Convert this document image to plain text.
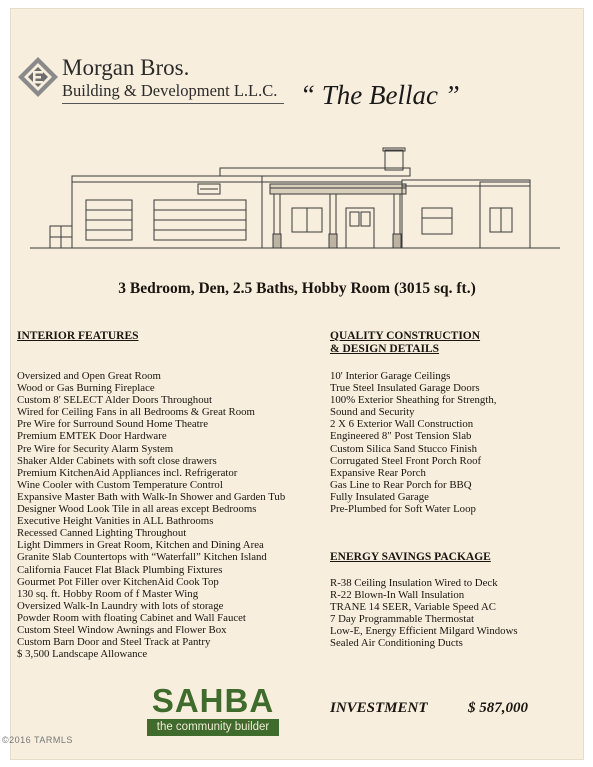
Morgan Bros.
Building & Development L.L.C. “ The Bellac ”
3 Bedroom, Den, 2.5 Baths, Hobby Room (3015 sq. ft.)
INTERIOR FEATURES
Oversized and Open Great Room
Wood or Gas Burning Fireplace
Custom 8' SELECT Alder Doors Throughout
Wired for Ceiling Fans in all Bedrooms & Great Room
Pre Wire for Surround Sound Home Theatre
Premium EMTEK Door Hardware
Pre Wire for Security Alarm System
Shaker Alder Cabinets with soft close drawers
Premium KitchenAid Appliances incl. Refrigerator
Wine Cooler with Custom Temperature Control
Expansive Master Bath with Walk-In Shower and Garden Tub
Designer Wood Look Tile in all areas except Bedrooms
Executive Height Vanities in ALL Bathrooms
Recessed Canned Lighting Throughout
Light Dimmers in Great Room, Kitchen and Dining Area
Granite Slab Countertops with “Waterfall” Kitchen Island
California Faucet Flat Black Plumbing Fixtures
Gourmet Pot Filler over KitchenAid Cook Top
130 sq. ft. Hobby Room of f Master Wing
Oversized Walk-In Laundry with lots of storage
Powder Room with floating Cabinet and Wall Faucet
Custom Steel Window Awnings and Flower Box
Custom Barn Door and Steel Track at Pantry
$ 3,500 Landscape Allowance
QUALITY CONSTRUCTION
& DESIGN DETAILS
10' Interior Garage Ceilings
True Steel Insulated Garage Doors
100% Exterior Sheathing for Strength,
Sound and Security
2 X 6 Exterior Wall Construction
Engineered 8" Post Tension Slab
Custom Silica Sand Stucco Finish
Corrugated Steel Front Porch Roof
Expansive Rear Porch
Gas Line to Rear Porch for BBQ
Fully Insulated Garage
Pre-Plumbed for Soft Water Loop
ENERGY SAVINGS PACKAGE
R-38 Ceiling Insulation Wired to Deck
R-22 Blown-In Wall Insulation
TRANE 14 SEER, Variable Speed AC
7 Day Programmable Thermostat
Low-E, Energy Efficient Milgard Windows
Sealed Air Conditioning Ducts
SAHBA
the community builder
INVESTMENT	$ 587,000
©2016 TARMLS
